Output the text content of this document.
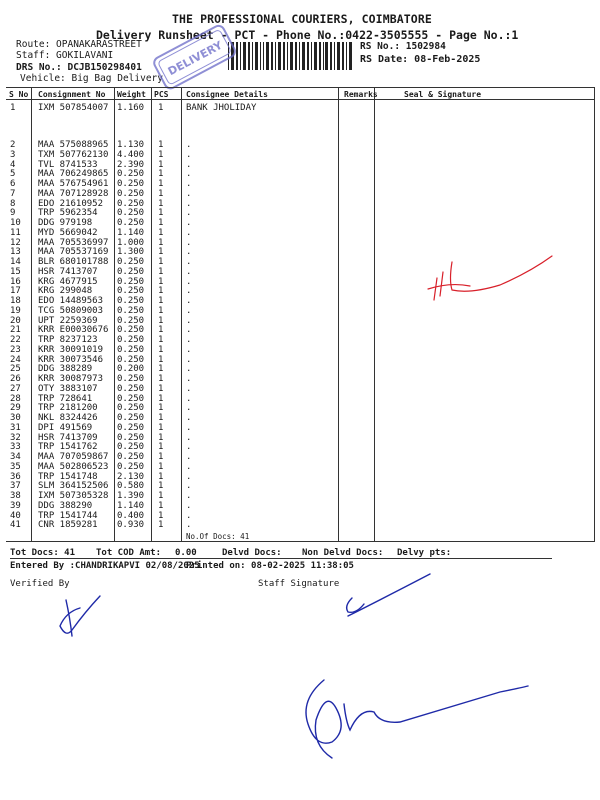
THE PROFESSIONAL COURIERS, COIMBATORE
Delivery Runsheet - PCT - Phone No.:0422-3505555 - Page No.:1
Route: OPANAKARASTREET
Staff: GOKILAVANI
DRS No.: DCJB150298401
Vehicle: Big Bag Delivery
RS No.: 1502984
RS Date: 08-Feb-2025
DELIVERY
S No Consignment No Weight PCS Consignee Details	Remarks	Seal & Signature
1	IXM 507854007 1.160 1	BANK JHOLIDAY
2	MAA 575088965 1.130 1	.
3	TXM 507762130 4.400 1	.
4	TVL 8741533 2.390 1	.
5	MAA 706249865 0.250 1	.
6	MAA 576754961 0.250 1	.
7	MAA 707128928 0.250 1	.
8	EDO 21610952 0.250 1	.
9	TRP 5962354 0.250 1	.
10 DDG 979198	0.250 1	.
11 MYD 5669042 1.140 1	.
12 MAA 705536997 1.000 1	.
13 MAA 705537169 1.300 1	.
14 BLR 680101788 0.250 1	.
15 HSR 7413707 0.250 1	.
16 KRG 4677915 0.250 1	.
17 KRG 299048	0.250 1	.
18 EDO 14489563 0.250 1	.
19 TCG 50809003 0.250 1	.
20 UPT 2259369 0.250 1	.
21 KRR E00030676 0.250 1	.
22 TRP 8237123 0.250 1	.
23 KRR 30091019 0.250 1	.
24 KRR 30073546 0.250 1	.
25 DDG 388289	0.200 1	.
26 KRR 30087973 0.250 1	.
27 OTY 3883107 0.250 1	.
28 TRP 728641	0.250 1	.
29 TRP 2181200 0.250 1	.
30 NKL 8324426 0.250 1	.
31 DPI 491569	0.250 1	.
32 HSR 7413709 0.250 1	.
33 TRP 1541762 0.250 1	.
34 MAA 707059867 0.250 1	.
35 MAA 502806523 0.250 1	.
36 TRP 1541748 2.130 1	.
37 SLM 364152506 0.580 1	.
38 IXM 507305328 1.390 1	.
39 DDG 388290	1.140 1	.
40 TRP 1541744 0.400 1	.
41 CNR 1859281 0.930 1	.
No.Of Docs: 41
Tot Docs: 41 Tot COD Amt: 0.00	Delvd Docs: Non Delvd Docs: Delvy pts:
Entered By :CHANDRIKAPVI 02/08/2025
Printed on: 08-02-2025 11:38:05
Verified By	Staff Signature
